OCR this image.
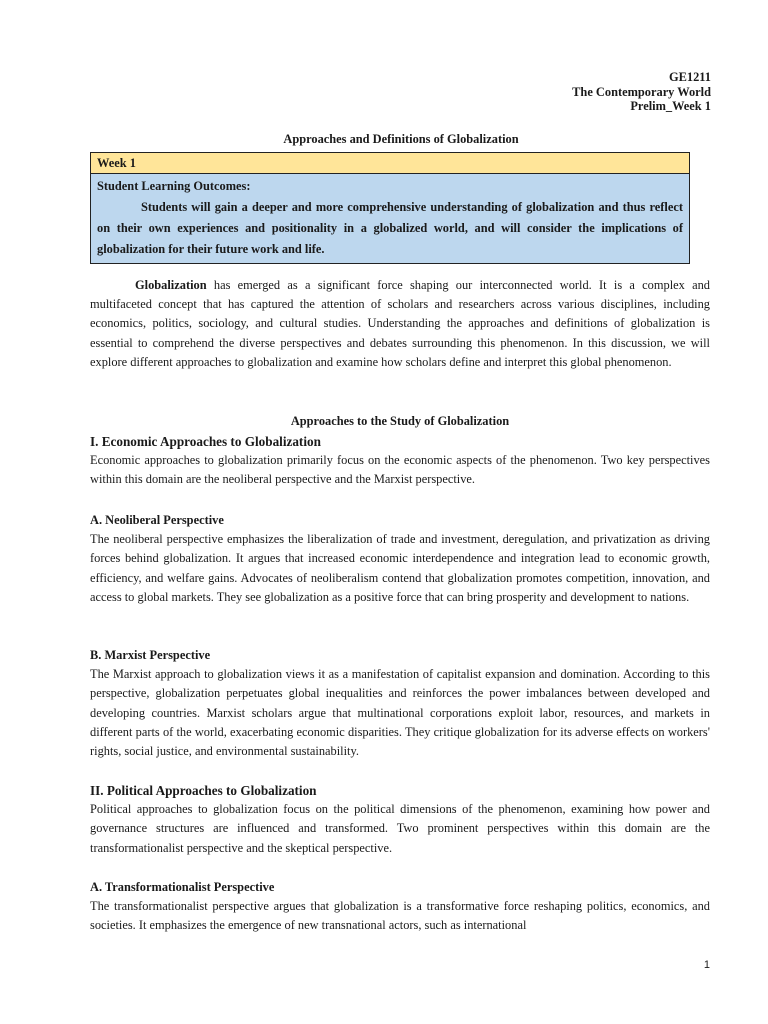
GE1211
The Contemporary World
Prelim_Week 1
Approaches and Definitions of Globalization
Week 1

Student Learning Outcomes:

Students will gain a deeper and more comprehensive understanding of globalization and thus reflect on their own experiences and positionality in a globalized world, and will consider the implications of globalization for their future work and life.

Globalization has emerged as a significant force shaping our interconnected world. It is a complex and multifaceted concept that has captured the attention of scholars and researchers across various disciplines, including economics, politics, sociology, and cultural studies. Understanding the approaches and definitions of globalization is essential to comprehend the diverse perspectives and debates surrounding this phenomenon. In this discussion, we will explore different approaches to globalization and examine how scholars define and interpret this global phenomenon.

Approaches to the Study of Globalization

I. Economic Approaches to Globalization

Economic approaches to globalization primarily focus on the economic aspects of the phenomenon. Two key perspectives within this domain are the neoliberal perspective and the Marxist perspective.

A. Neoliberal Perspective

The neoliberal perspective emphasizes the liberalization of trade and investment, deregulation, and privatization as driving forces behind globalization. It argues that increased economic interdependence and integration lead to economic growth, efficiency, and welfare gains. Advocates of neoliberalism contend that globalization promotes competition, innovation, and access to global markets. They see globalization as a positive force that can bring prosperity and development to nations.

B. Marxist Perspective

The Marxist approach to globalization views it as a manifestation of capitalist expansion and domination. According to this perspective, globalization perpetuates global inequalities and reinforces the power imbalances between developed and developing countries. Marxist scholars argue that multinational corporations exploit labor, resources, and markets in different parts of the world, exacerbating economic disparities. They critique globalization for its adverse effects on workers' rights, social justice, and environmental sustainability.

II. Political Approaches to Globalization

Political approaches to globalization focus on the political dimensions of the phenomenon, examining how power and governance structures are influenced and transformed. Two prominent perspectives within this domain are the transformationalist perspective and the skeptical perspective.

A. Transformationalist Perspective

The transformationalist perspective argues that globalization is a transformative force reshaping politics, economics, and societies. It emphasizes the emergence of new transnational actors, such as international

1
